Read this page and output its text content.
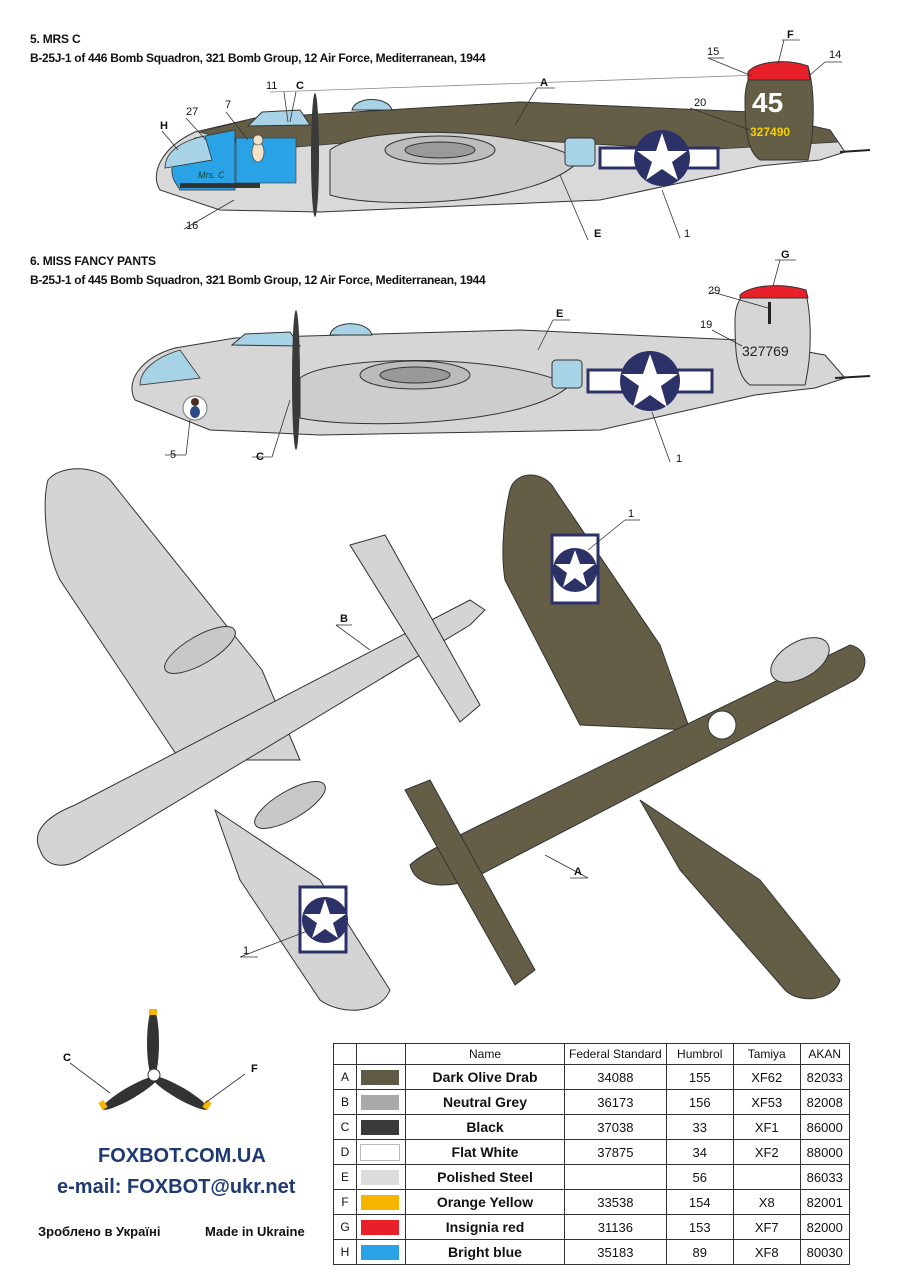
5. MRS C
B-25J-1 of 446 Bomb Squadron, 321 Bomb Group, 12 Air Force, Mediterranean, 1944
Mrs. C
45
327490
F
15	14
A
11 C
7
27
H
20
16
E	1
6. MISS FANCY PANTS
B-25J-1 of 445 Bomb Squadron, 321 Bomb Group, 12 Air Force, Mediterranean, 1944
327769
G
29
E
19
5	C	1
B
1
1
A
C
F
FOXBOT.COM.UA
e-mail: FOXBOT@ukr.net
Зроблено в Україні	Made in Ukraine
		Name	Federal Standard	Humbrol	Tamiya	AKAN
A		Dark Olive Drab	34088	155	XF62	82033
B		Neutral Grey	36173	156	XF53	82008
C		Black	37038	33	XF1	86000
D		Flat White	37875	34	XF2	88000
E		Polished Steel		56		86033
F		Orange Yellow	33538	154	X8	82001
G		Insignia red	31136	153	XF7	82000
H		Bright blue	35183	89	XF8	80030
